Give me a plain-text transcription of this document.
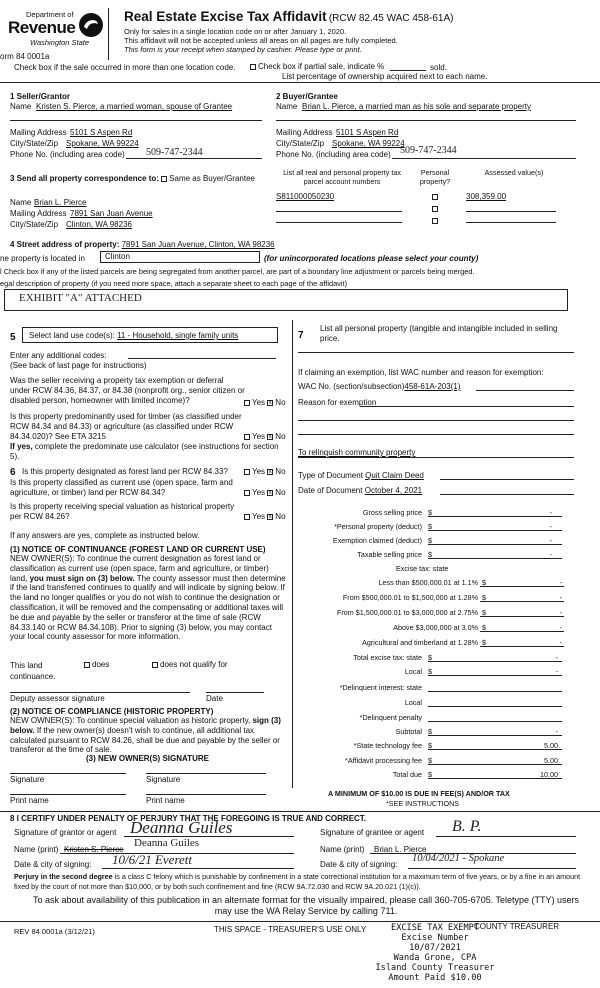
Department of
Revenue
Washington State
orm 84 0001a
Real Estate Excise Tax Affidavit (RCW 82.45 WAC 458-61A)
Only for sales in a single location code on or after January 1, 2020.
This affidavit will not be accepted unless all areas on all pages are fully completed.
This form is your receipt when stamped by cashier. Please type or print.
Check box if the sale occurred in more than one location code.	Check box if partial sale, indicate %	sold.
List percentage of ownership acquired next to each name.
1 Seller/Grantor
Name Kristen S. Pierce, a married woman, spouse of Grantee
Mailing Address 5101 S Aspen Rd
City/State/Zip Spokane, WA 99224
Phone No. (including area code) 509-747-2344
2 Buyer/Grantee
Name Brian L. Pierce, a married man as his sole and separate property
Mailing Address 5101 S Aspen Rd
City/State/Zip Spokane, WA 99224
Phone No. (including area code) 509-747-2344
3 Send all property correspondence to: Same as Buyer/Grantee
Name Brian L. Pierce
Mailing Address 7891 San Juan Avenue
City/State/Zip Clinton, WA 98236
List all real and personal property tax parcel account numbers
Personal property?
Assessed value(s)
S811000050230	308,359.00
4 Street address of property: 7891 San Juan Avenue, Clinton, WA 98236
ne property is located in	Clinton	(for unincorporated locations please select your county)
l Check box if any of the listed parcels are being segregated from another parcel, are part of a boundary line adjustment or parcels being merged.
egal description of property (if you need more space, attach a separate sheet to each page of the affidavit)
EXHIBIT "A" ATTACHED
5	Select land use code(s): 11 - Household, single family units
Enter any additional codes:
(See back of last page for instructions)
Was the seller receiving a property tax exemption or deferral under RCW 84.36, 84.37, or 84.38 (nonprofit org., senior citizen or disabled person, homeowner with limited income)?	Yes x No
Is this property predominantly used for timber (as classified under RCW 84.34 and 84.33) or agriculture (as classified under RCW 84.34.020)? See ETA 3215	Yes x No
If yes, complete the predominate use calculator (see instructions for section 5).
6 Is this property designated as forest land per RCW 84.33?	Yes x No
Is this property classified as current use (open space, farm and agriculture, or timber) land per RCW 84.34?	Yes x No
Is this property receiving special valuation as historical property per RCW 84.26?	Yes x No
If any answers are yes, complete as instructed below.
(1) NOTICE OF CONTINUANCE (FOREST LAND OR CURRENT USE)
NEW OWNER(S): To continue the current designation as forest land or classification as current use (open space, farm and agriculture, or timber) land, you must sign on (3) below. The county assessor must then determine if the land transferred continues to qualify and will indicate by signing below. If the land no longer qualifies or you do not wish to continue the designation or classification, it will be removed and the compensating or additional taxes will be due and payable by the seller or transferor at the time of sale (RCW 84.33.140 or RCW 84.34.108). Prior to signing (3) below, you may contact your local county assessor for more information.
This land	does	does not qualify for
continuance.
Deputy assessor signature	Date
(2) NOTICE OF COMPLIANCE (HISTORIC PROPERTY)
NEW OWNER(S): To continue special valuation as historic property, sign (3) below. If the new owner(s) doesn't wish to continue, all additional tax calculated pursuant to RCW 84.26, shall be due and payable by the seller or transferor at the time of sale.
(3) NEW OWNER(S) SIGNATURE
Signature	Signature
Print name	Print name
7
List all personal property (tangible and intangible included in selling price.
If claiming an exemption, list WAC number and reason for exemption:
WAC No. (section/subsection)458-61A-203(1)
Reason for exemption
To relinquish community property
Type of Document Quit Claim Deed
Date of Document October 4, 2021
Gross selling price $	-
*Personal property (deduct) $	-
Exemption claimed (deduct) $	-
Taxable selling price $	-
Excise tax: state
Less than $500,000.01 at 1.1% $	-
From $500,000.01 to $1,500,000 at 1.28% $	-
From $1,500,000.01 to $3,000,000 at 2.75% $	-
Above $3,000,000 at 3.0% $	-
Agricultural and timberland at 1.28% $	-
Total excise tax: state $	-
Local $	-
*Delinquent interest: state
Local
*Delinquent penalty
Subtotal $	-
*State technology fee $	5.00
*Affidavit processing fee $	5.00
Total due $	10.00
A MINIMUM OF $10.00 IS DUE IN FEE(S) AND/OR TAX
*SEE INSTRUCTIONS
8 I CERTIFY UNDER PENALTY OF PERJURY THAT THE FOREGOING IS TRUE AND CORRECT.
Signature of grantor or agent Deanna Guiles	Signature of grantee or agent B. P.
Name (print) Kristen S. Pierce
Deanna Guiles
Name (print) Brian L. Pierce
Date & city of signing: 10/6/21 Everett	Date & city of signing:
10/04/2021 - Spokane
Perjury in the second degree is a class C felony which is punishable by confinement in a state correctional institution for a maximum term of five years, or by a fine in an amount fixed by the court of not more than $10,000, or by both such confinement and fine (RCW 9A.72.030 and RCW 9A.20.021 (1)(c)).
To ask about availability of this publication in an alternate format for the visually impaired, please call 360-705-6705. Teletype (TTY) users may use the WA Relay Service by calling 711.
REV 84 0001a (3/12/21)	THIS SPACE - TREASURER'S USE ONLY	COUNTY TREASURER
EXCISE TAX EXEMPT
Excise Number
10/07/2021
Wanda Grone, CPA
Island County Treasurer
Amount Paid $10.00
